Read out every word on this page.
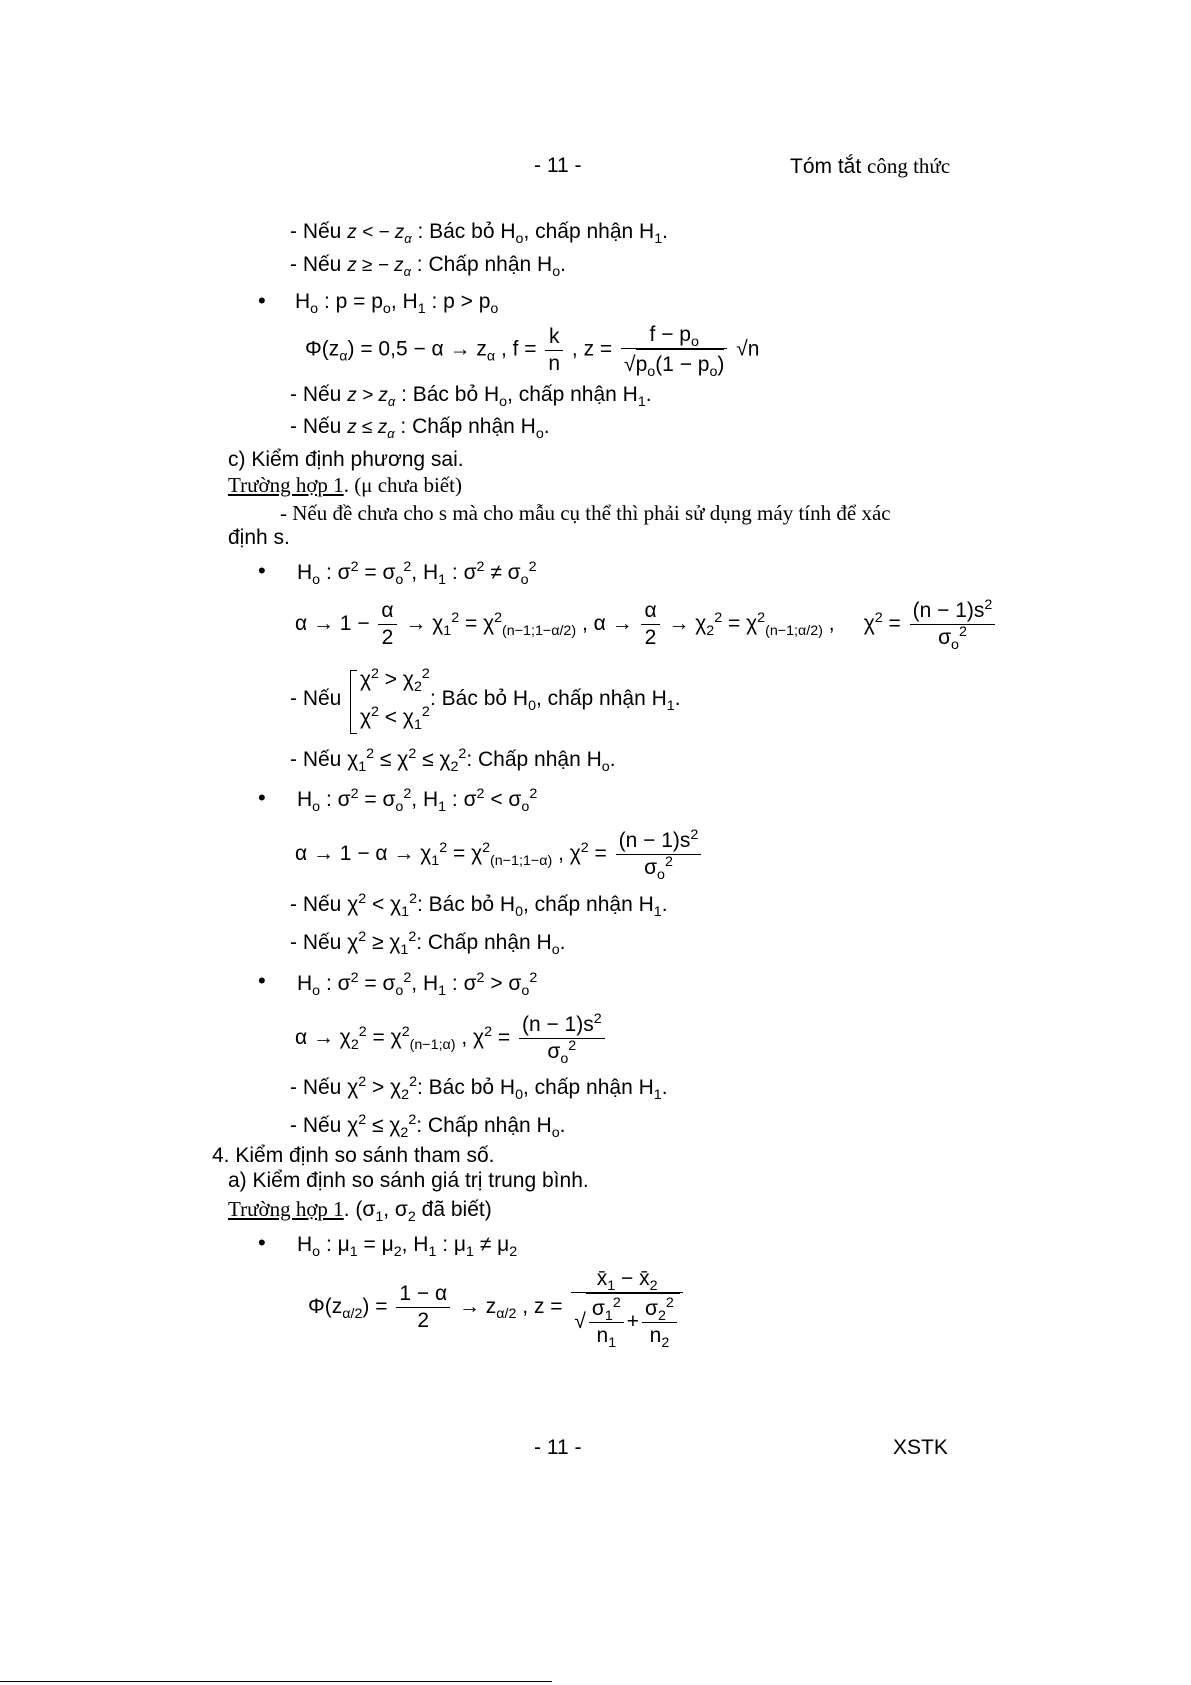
- 11 -	Tóm tắt công thức
- Nếu z < − $z_\alpha$ : Bác bỏ $H_o$, chấp nhận $H_1$.
- Nếu z ≥ − $z_\alpha$ : Chấp nhận $H_o$.
• $H_o$ : $p = p_o$, $H_1$ : $p > p_o$
$\Phi(z_\alpha) = 0,5 - \alpha \to z_\alpha$ , $f = \frac{k}{n}$ , $z = \frac{f - p_o}{√p_o(1 - p_o)} √n$
- Nếu $z > z_\alpha$ : Bác bỏ $H_o$, chấp nhận $H_1$.
- Nếu $z \le z_\alpha$ : Chấp nhận $H_o$.
c) Kiểm định phương sai.
Trường hợp 1. (μ chưa biết)
- Nếu đề chưa cho s mà cho mẫu cụ thể thì phải sử dụng máy tính để xác
định s.
• $H_o$ : $\sigma^2 = \sigma_o^2$, $H_1$ : $\sigma^2 \ne \sigma_o^2$
$\alpha \to 1 - \frac{\alpha}{2} \to \chi_1^2 = \chi^2_{(n-1;1-\alpha/2)}$ , $\alpha \to \frac{\alpha}{2} \to \chi_2^2 = \chi^2_{(n-1;\alpha/2)}$ ,     $\chi^2 = \frac{(n - 1)s^2}{\sigma_o^2}$
- Nếu
$\chi^2 > \chi_2^2$
$\chi^2 < \chi_1^2$
: Bác bỏ $H_0$, chấp nhận $H_1$.
- Nếu $\chi_1^2 \le \chi^2 \le \chi_2^2$: Chấp nhận $H_o$.
• $H_o$ : $\sigma^2 = \sigma_o^2$, $H_1$ : $\sigma^2 < \sigma_o^2$
$\alpha \to 1 - \alpha \to \chi_1^2 = \chi^2_{(n-1;1-\alpha)}$ , $\chi^2 = \frac{(n - 1)s^2}{\sigma_o^2}$
- Nếu $\chi^2 < \chi_1^2$: Bác bỏ $H_0$, chấp nhận $H_1$.
- Nếu $\chi^2 \ge \chi_1^2$: Chấp nhận $H_o$.
• $H_o$ : $\sigma^2 = \sigma_o^2$, $H_1$ : $\sigma^2 > \sigma_o^2$
$\alpha \to \chi_2^2 = \chi^2_{(n-1;\alpha)}$ , $\chi^2 = \frac{(n - 1)s^2}{\sigma_o^2}$
- Nếu $\chi^2 > \chi_2^2$: Bác bỏ $H_0$, chấp nhận $H_1$.
- Nếu $\chi^2 \le \chi_2^2$: Chấp nhận $H_o$.
4. Kiểm định so sánh tham số.
a) Kiểm định so sánh giá trị trung bình.
Trường hợp 1. ($\sigma_1$, $\sigma_2$ đã biết)
• $H_o$ : $\mu_1 = \mu_2$, $H_1$ : $\mu_1 \ne \mu_2$
$\Phi(z_{\alpha/2}) = \frac{1 - \alpha}{2} \to z_{\alpha/2}$ , $z = \frac{x̄_1 - x̄_2}{√ \frac{\sigma_1^2}{n_1} + \frac{\sigma_2^2}{n_2}}$
- 11 -	XSTK
